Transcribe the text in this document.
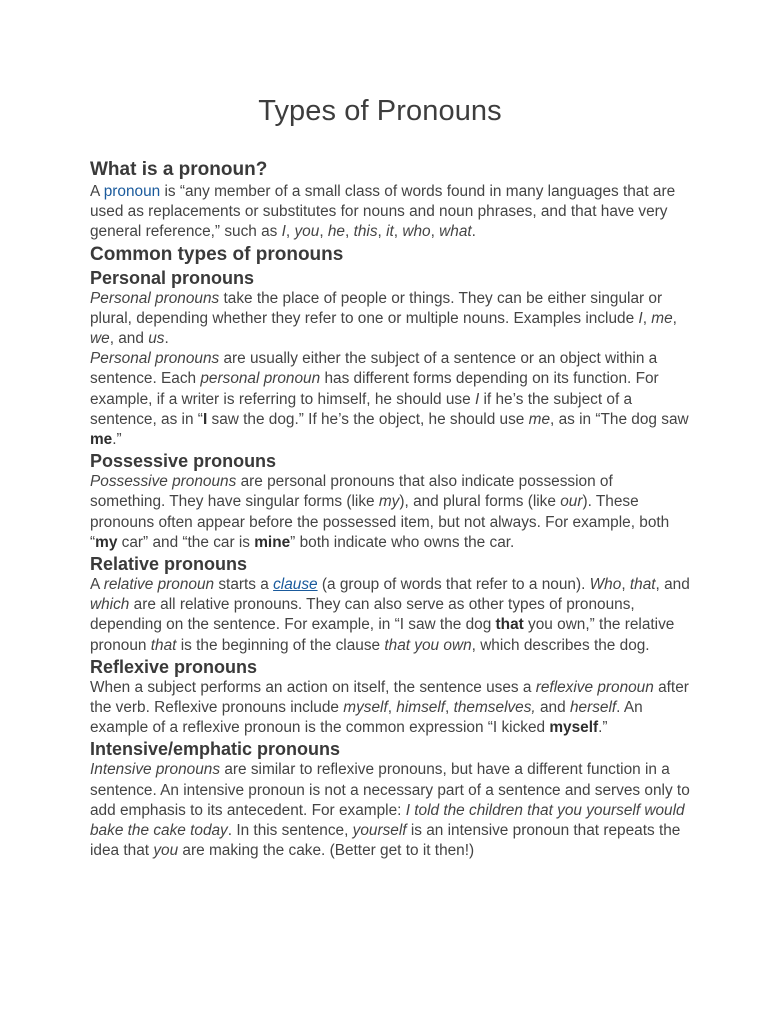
Types of Pronouns
What is a pronoun?

A pronoun is “any member of a small class of words found in many languages that are used as replacements or substitutes for nouns and noun phrases, and that have very general reference,” such as I, you, he, this, it, who, what.

Common types of pronouns
Personal pronouns

Personal pronouns take the place of people or things. They can be either singular or plural, depending whether they refer to one or multiple nouns. Examples include I, me, we, and us.

Personal pronouns are usually either the subject of a sentence or an object within a sentence. Each personal pronoun has different forms depending on its function. For example, if a writer is referring to himself, he should use I if he’s the subject of a sentence, as in “I saw the dog.” If he’s the object, he should use me, as in “The dog saw me.”

Possessive pronouns

Possessive pronouns are personal pronouns that also indicate possession of something. They have singular forms (like my), and plural forms (like our). These pronouns often appear before the possessed item, but not always. For example, both “my car” and “the car is mine” both indicate who owns the car.

Relative pronouns

A relative pronoun starts a clause (a group of words that refer to a noun). Who, that, and which are all relative pronouns. They can also serve as other types of pronouns, depending on the sentence. For example, in “I saw the dog that you own,” the relative pronoun that is the beginning of the clause that you own, which describes the dog.

Reflexive pronouns

When a subject performs an action on itself, the sentence uses a reflexive pronoun after the verb. Reflexive pronouns include myself, himself, themselves, and herself. An example of a reflexive pronoun is the common expression “I kicked myself.”

Intensive/emphatic pronouns

Intensive pronouns are similar to reflexive pronouns, but have a different function in a sentence. An intensive pronoun is not a necessary part of a sentence and serves only to add emphasis to its antecedent. For example: I told the children that you yourself would bake the cake today. In this sentence, yourself is an intensive pronoun that repeats the idea that you are making the cake. (Better get to it then!)
